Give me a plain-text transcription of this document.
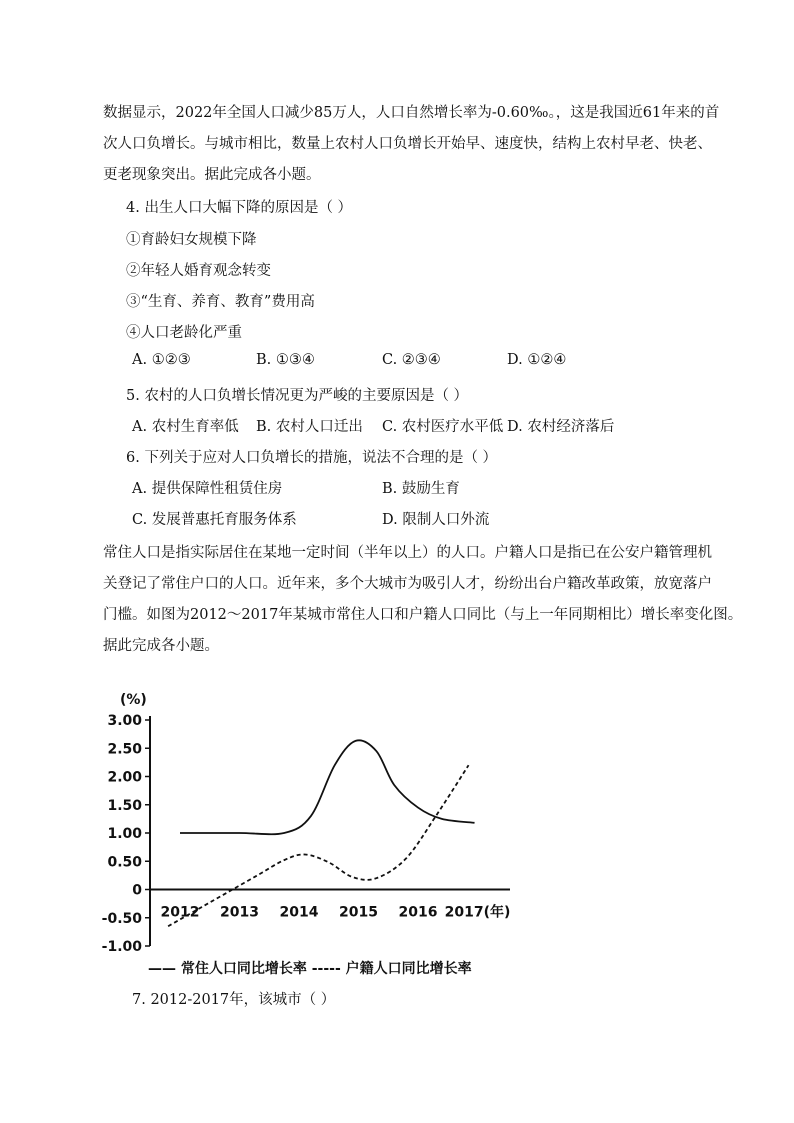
数据显示，2022年全国人口减少85万人，人口自然增长率为-0.60‰。，这是我国近61年来的首
次人口负增长。与城市相比，数量上农村人口负增长开始早、速度快，结构上农村早老、快老、
更老现象突出。据此完成各小题。
4. 出生人口大幅下降的原因是（ ）
①育龄妇女规模下降
②年轻人婚育观念转变
③“生育、养育、教育”费用高
④人口老龄化严重
A. ①②③	B. ①③④	C. ②③④	D. ①②④
5. 农村的人口负增长情况更为严峻的主要原因是（ ）
A. 农村生育率低 B. 农村人口迁出 C. 农村医疗水平低 D. 农村经济落后
6. 下列关于应对人口负增长的措施，说法不合理的是（ ）
A. 提供保障性租赁住房	B. 鼓励生育
C. 发展普惠托育服务体系	D. 限制人口外流
常住人口是指实际居住在某地一定时间（半年以上）的人口。户籍人口是指已在公安户籍管理机
关登记了常住户口的人口。近年来，多个大城市为吸引人才，纷纷出台户籍改革政策，放宽落户
门槛。如图为2012～2017年某城市常住人口和户籍人口同比（与上一年同期相比）增长率变化图。
据此完成各小题。
3.00
2.50
2.00
1.50
1.00
0.50
0
-0.50
-1.00
(%)
2012 2013 2014 2015 2016 2017(年)
—— 常住人口同比增长率 ----- 户籍人口同比增长率
7. 2012-2017年，该城市（ ）
